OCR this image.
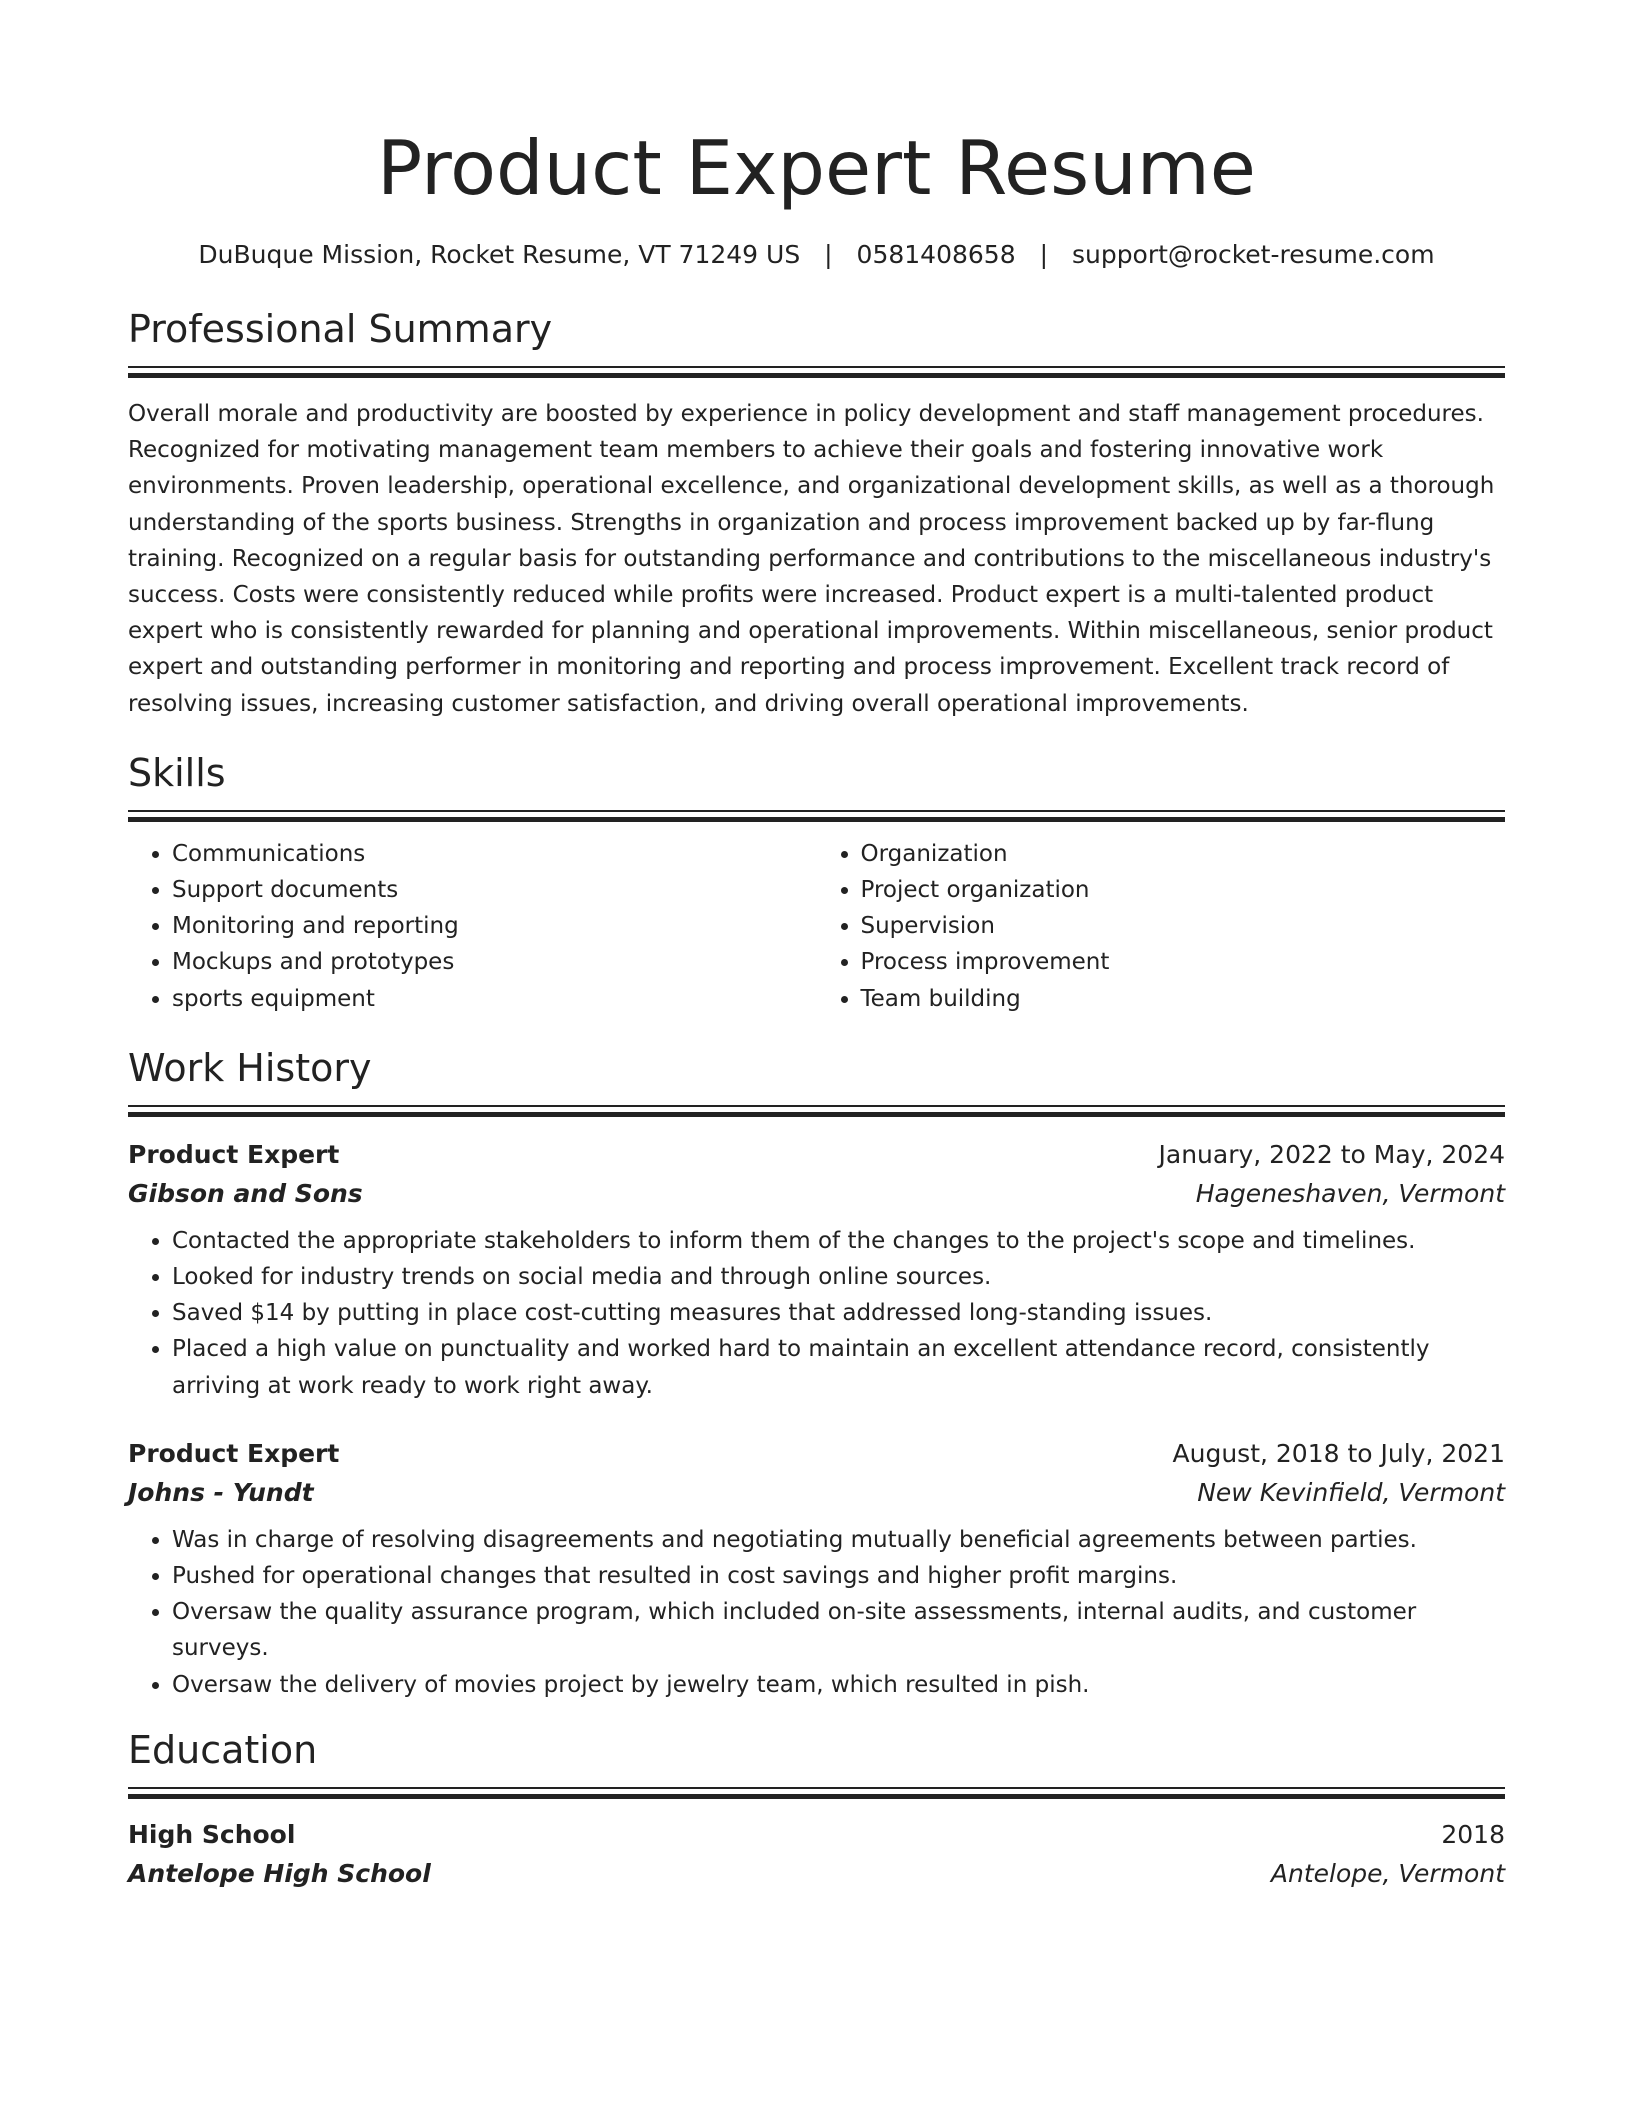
Product Expert Resume
DuBuque Mission, Rocket Resume, VT 71249 US | 0581408658 | support@rocket-resume.com
Professional Summary

Overall morale and productivity are boosted by experience in policy development and staff management procedures. Recognized for motivating management team members to achieve their goals and fostering innovative work environments. Proven leadership, operational excellence, and organizational development skills, as well as a thorough understanding of the sports business. Strengths in organization and process improvement backed up by far-flung training. Recognized on a regular basis for outstanding performance and contributions to the miscellaneous industry's success. Costs were consistently reduced while profits were increased. Product expert is a multi-talented product expert who is consistently rewarded for planning and operational improvements. Within miscellaneous, senior product expert and outstanding performer in monitoring and reporting and process improvement. Excellent track record of resolving issues, increasing customer satisfaction, and driving overall operational improvements.

Skills
• Communications
• Support documents
• Monitoring and reporting
• Mockups and prototypes
• sports equipment
• Organization
• Project organization
• Supervision
• Process improvement
• Team building
Work History
Product Expert	January, 2022 to May, 2024
Gibson and Sons	Hageneshaven, Vermont
• Contacted the appropriate stakeholders to inform them of the changes to the project's scope and timelines.
• Looked for industry trends on social media and through online sources.
• Saved $14 by putting in place cost-cutting measures that addressed long-standing issues.
• Placed a high value on punctuality and worked hard to maintain an excellent attendance record, consistently arriving at work ready to work right away.
Product Expert	August, 2018 to July, 2021
Johns - Yundt	New Kevinfield, Vermont
• Was in charge of resolving disagreements and negotiating mutually beneficial agreements between parties.
• Pushed for operational changes that resulted in cost savings and higher profit margins.
• Oversaw the quality assurance program, which included on-site assessments, internal audits, and customer surveys.
• Oversaw the delivery of movies project by jewelry team, which resulted in pish.
Education
High School	2018
Antelope High School	Antelope, Vermont
